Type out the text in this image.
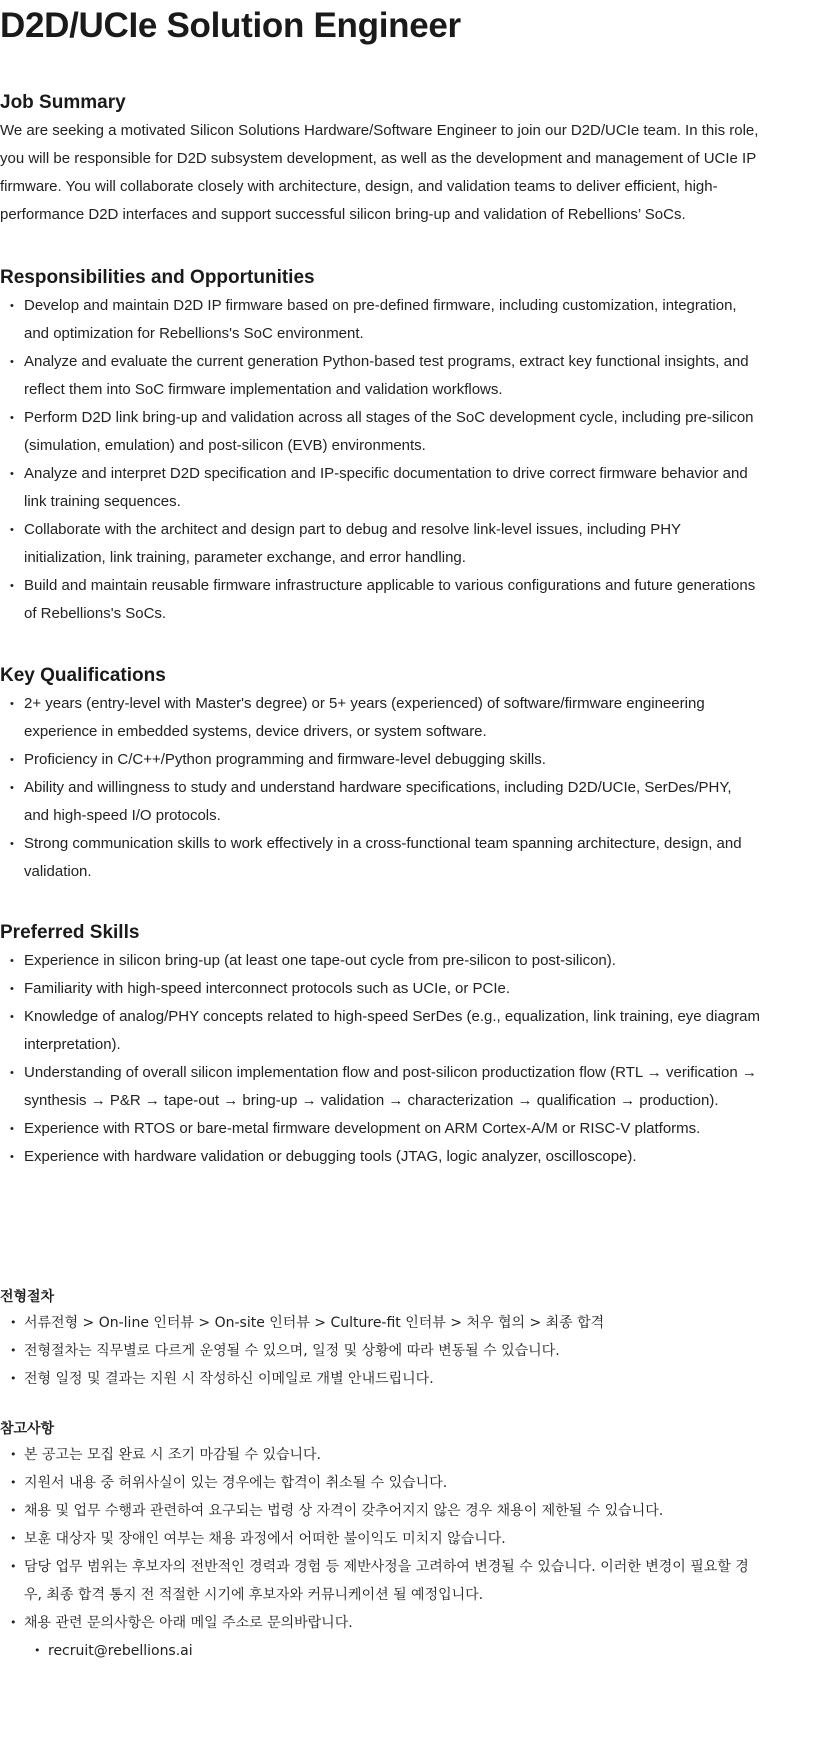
D2D/UCIe Solution Engineer
Job Summary

We are seeking a motivated Silicon Solutions Hardware/Software Engineer to join our D2D/UCIe team. In this role, you will be responsible for D2D subsystem development, as well as the development and management of UCIe IP firmware. You will collaborate closely with architecture, design, and validation teams to deliver efficient, high-performance D2D interfaces and support successful silicon bring-up and validation of Rebellions’ SoCs.

Responsibilities and Opportunities
• Develop and maintain D2D IP firmware based on pre-defined firmware, including customization, integration, and optimization for Rebellions's SoC environment.
• Analyze and evaluate the current generation Python-based test programs, extract key functional insights, and reflect them into SoC firmware implementation and validation workflows.
• Perform D2D link bring-up and validation across all stages of the SoC development cycle, including pre-silicon (simulation, emulation) and post-silicon (EVB) environments.
• Analyze and interpret D2D specification and IP-specific documentation to drive correct firmware behavior and link training sequences.
• Collaborate with the architect and design part to debug and resolve link-level issues, including PHY initialization, link training, parameter exchange, and error handling.
• Build and maintain reusable firmware infrastructure applicable to various configurations and future generations of Rebellions's SoCs.
Key Qualifications
• 2+ years (entry-level with Master's degree) or 5+ years (experienced) of software/firmware engineering experience in embedded systems, device drivers, or system software.
• Proficiency in C/C++/Python programming and firmware-level debugging skills.
• Ability and willingness to study and understand hardware specifications, including D2D/UCIe, SerDes/PHY, and high-speed I/O protocols.
• Strong communication skills to work effectively in a cross-functional team spanning architecture, design, and validation.
Preferred Skills
• Experience in silicon bring-up (at least one tape-out cycle from pre-silicon to post-silicon).
• Familiarity with high-speed interconnect protocols such as UCIe, or PCIe.
• Knowledge of analog/PHY concepts related to high-speed SerDes (e.g., equalization, link training, eye diagram interpretation).
• Understanding of overall silicon implementation flow and post-silicon productization flow (RTL → verification → synthesis → P&R → tape-out → bring-up → validation → characterization → qualification → production).
• Experience with RTOS or bare-metal firmware development on ARM Cortex-A/M or RISC-V platforms.
• Experience with hardware validation or debugging tools (JTAG, logic analyzer, oscilloscope).
전형절차
• 서류전형 > On-line 인터뷰 > On-site 인터뷰 > Culture-fit 인터뷰 > 처우 협의 > 최종 합격
• 전형절차는 직무별로 다르게 운영될 수 있으며, 일정 및 상황에 따라 변동될 수 있습니다.
• 전형 일정 및 결과는 지원 시 작성하신 이메일로 개별 안내드립니다.
참고사항
• 본 공고는 모집 완료 시 조기 마감될 수 있습니다.
• 지원서 내용 중 허위사실이 있는 경우에는 합격이 취소될 수 있습니다.
• 채용 및 업무 수행과 관련하여 요구되는 법령 상 자격이 갖추어지지 않은 경우 채용이 제한될 수 있습니다.
• 보훈 대상자 및 장애인 여부는 채용 과정에서 어떠한 불이익도 미치지 않습니다.
• 담당 업무 범위는 후보자의 전반적인 경력과 경험 등 제반사정을 고려하여 변경될 수 있습니다. 이러한 변경이 필요할 경우, 최종 합격 통지 전 적절한 시기에 후보자와 커뮤니케이션 될 예정입니다.
• 채용 관련 문의사항은 아래 메일 주소로 문의바랍니다.
• recruit@rebellions.ai
